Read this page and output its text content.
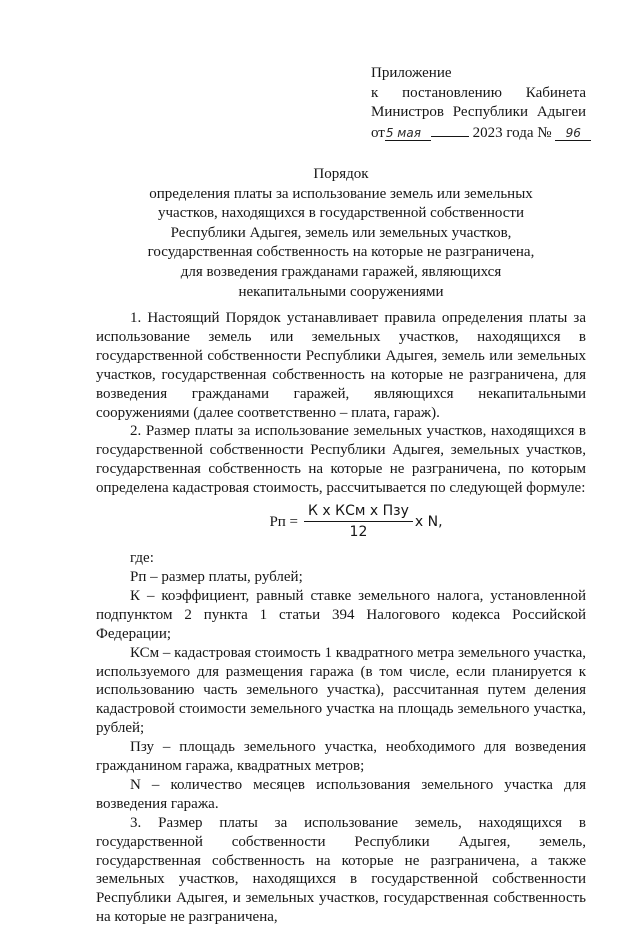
Приложение
к постановлению Кабинета
Министров Республики Адыгеи
от5 мая	2023 года № 96
Порядок
определения платы за использование земель или земельных
участков, находящихся в государственной собственности
Республики Адыгея, земель или земельных участков,
государственная собственность на которые не разграничена,
для возведения гражданами гаражей, являющихся
некапитальными сооружениями

1. Настоящий Порядок устанавливает правила определения платы за использование земель или земельных участков, находящихся в государственной собственности Республики Адыгея, земель или земельных участков, государственная собственность на которые не разграничена, для возведения гражданами гаражей, являющихся некапитальными сооружениями (далее соответственно – плата, гараж).

2. Размер платы за использование земельных участков, находящихся в государственной собственности Республики Адыгея, земельных участков, государственная собственность на которые не разграничена, по которым определена кадастровая стоимость, рассчитывается по следующей формуле:

Рп = $\frac{\text{К x КСм x Пзу}}{12}$ x N,

где:

Рп – размер платы, рублей;

К – коэффициент, равный ставке земельного налога, установленной подпунктом 2 пункта 1 статьи 394 Налогового кодекса Российской Федерации;

КСм – кадастровая стоимость 1 квадратного метра земельного участка, используемого для размещения гаража (в том числе, если планируется к использованию часть земельного участка), рассчитанная путем деления кадастровой стоимости земельного участка на площадь земельного участка, рублей;

Пзу – площадь земельного участка, необходимого для возведения гражданином гаража, квадратных метров;

N – количество месяцев использования земельного участка для возведения гаража.

3. Размер платы за использование земель, находящихся в государственной собственности Республики Адыгея, земель, государственная собственность на которые не разграничена, а также земельных участков, находящихся в государственной собственности Республики Адыгея, и земельных участков, государственная собственность на которые не разграничена,
